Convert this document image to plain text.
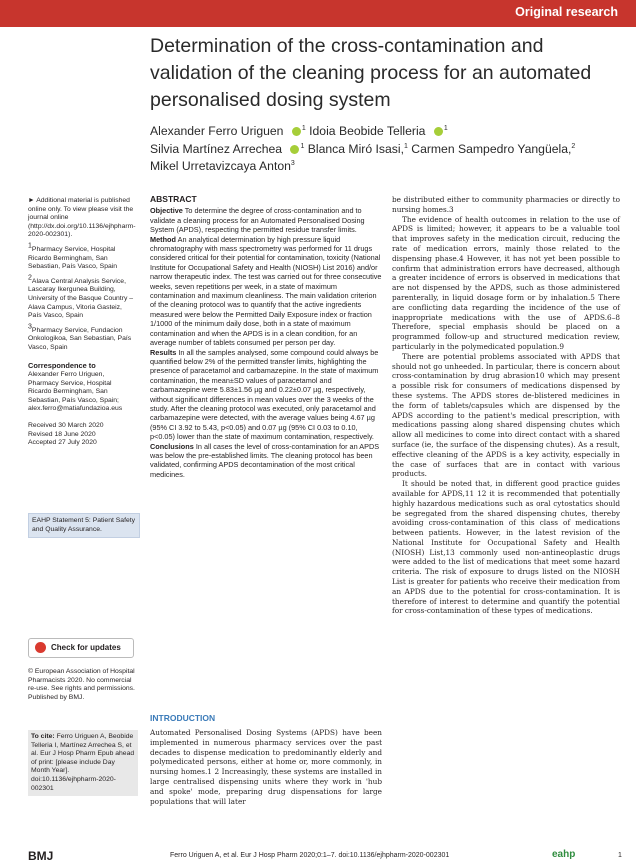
Original research
Determination of the cross-contamination and validation of the cleaning process for an automated personalised dosing system
Alexander Ferro Uriguen	$^1$ Idoia Beobide Telleria	$^1$
Silvia Martínez Arrechea	$^1$ Blanca Miró Isasi,$^1$ Carmen Sampedro Yangüela,$^2$
Mikel Urretavizcaya Anton$^3$

► Additional material is published online only. To view please visit the journal online (http://dx.doi.org/10.1136/ejhpharm-2020-002301).

$^1$Pharmacy Service, Hospital Ricardo Bermingham, San Sebastian, País Vasco, Spain

$^2$Alava Central Analysis Service, Lascaray Ikergunea Building, University of the Basque Country – Alava Campus, Vitoria Gasteiz, País Vasco, Spain

$^3$Pharmacy Service, Fundacion Onkologikoa, San Sebastian, País Vasco, Spain

Correspondence to
Alexander Ferro Uriguen, Pharmacy Service, Hospital Ricardo Bermingham, San Sebastian, País Vasco, Spain; alex.ferro@matiafundazioa.eus

Received 30 March 2020
Revised 18 June 2020
Accepted 27 July 2020

EAHP Statement 5: Patient Safety and Quality Assurance.
Check for updates
© European Association of Hospital Pharmacists 2020. No commercial re-use. See rights and permissions. Published by BMJ.
To cite: Ferro Uriguen A, Beobide Telleria I, Martínez Arrechea S, et al. Eur J Hosp Pharm Epub ahead of print: [please include Day Month Year]. doi:10.1136/ejhpharm-2020-002301
ABSTRACT

Objective To determine the degree of cross-contamination and to validate a cleaning process for an Automated Personalised Dosing System (APDS), respecting the permitted residue transfer limits.

Method An analytical determination by high pressure liquid chromatography with mass spectrometry was performed for 11 drugs considered critical for their potential for contamination, toxicity (National Institute for Occupational Safety and Health (NIOSH) List 2016) and/or narrow therapeutic index. The test was carried out for three consecutive weeks, seven repetitions per week, in a state of maximum contamination and maximum cleanliness. The main validation criterion of the cleaning protocol was to quantify that the active ingredients measured were below the Permitted Daily Exposure index or fraction 1/1000 of the minimum daily dose, both in a state of maximum contamination and when the APDS is in a clean condition, for an average number of tablets consumed per person per day.

Results In all the samples analysed, some compound could always be quantified below 2% of the permitted transfer limits, highlighting the presence of paracetamol and carbamazepine. In the state of maximum contamination, the mean±SD values of paracetamol and carbamazepine were 5.83±1.56 µg and 0.22±0.07 µg, respectively, without significant differences in mean values over the 3 weeks of the study. After the cleaning protocol was executed, only paracetamol and carbamazepine were detected, with the average values being 4.67 µg (95% CI 3.92 to 5.43, p<0.05) and 0.07 µg (95% CI 0.03 to 0.10, p<0.05) lower than the state of maximum contamination, respectively.

Conclusions In all cases the level of cross-contamination for an APDS was below the pre-established limits. The cleaning protocol has been validated, confirming APDS decontamination of the most critical medicines.

INTRODUCTION
Automated Personalised Dosing Systems (APDS) have been implemented in numerous pharmacy services over the past decades to dispense medication to predominantly elderly and polymedicated persons, either at home or, more commonly, in nursing homes.1 2 Increasingly, these systems are installed in large centralised dispensing units where they work in 'hub and spoke' mode, preparing drug dispensations for large populations that will later

be distributed either to community pharmacies or directly to nursing homes.3

The evidence of health outcomes in relation to the use of APDS is limited; however, it appears to be a valuable tool that improves safety in the medication circuit, reducing the rate of medication errors, mainly those related to the dispensing phase.4 However, it has not yet been possible to confirm that administration errors have decreased, although a greater incidence of errors is observed in medications that are not dispensed by the APDS, such as those administered parenterally, in liquid dosage form or by inhalation.5 There are conflicting data regarding the incidence of the use of inappropriate medications with the use of APDS.6–8 Therefore, special emphasis should be placed on a programmed follow-up and structured medication review, particularly in the polymedicated population.9

There are potential problems associated with APDS that should not go unheeded. In particular, there is concern about cross-contamination by drug abrasion10 which may present a possible risk for consumers of medications dispensed by these systems. The APDS stores de-blistered medicines in the form of tablets/capsules which are dispensed by the APDS according to the patient's medical prescription, with medications passing along shared dispensing chutes which allow all medicines to come into direct contact with a shared surface (ie, the surface of the dispensing chutes). As a result, effective cleaning of the APDS is a key activity, especially in the case of surfaces that are in contact with various products.

It should be noted that, in different good practice guides available for APDS,11 12 it is recommended that potentially highly hazardous medications such as oral cytostatics should be segregated from the shared dispensing chutes, thereby avoiding cross-contamination of this class of medications between patients. However, in the latest revision of the National Institute for Occupational Safety and Health (NIOSH) List,13 commonly used non-antineoplastic drugs were added to the list of medications that meet some hazard criteria. The risk of exposure to drugs listed on the NIOSH List is greater for patients who receive their medication from an APDS due to the potential for cross-contamination. It is therefore of interest to determine and quantify the potential for cross-contamination of these types of medications.

BMJ	Ferro Uriguen A, et al. Eur J Hosp Pharm 2020;0:1–7. doi:10.1136/ejhpharm-2020-002301	eahp	1
